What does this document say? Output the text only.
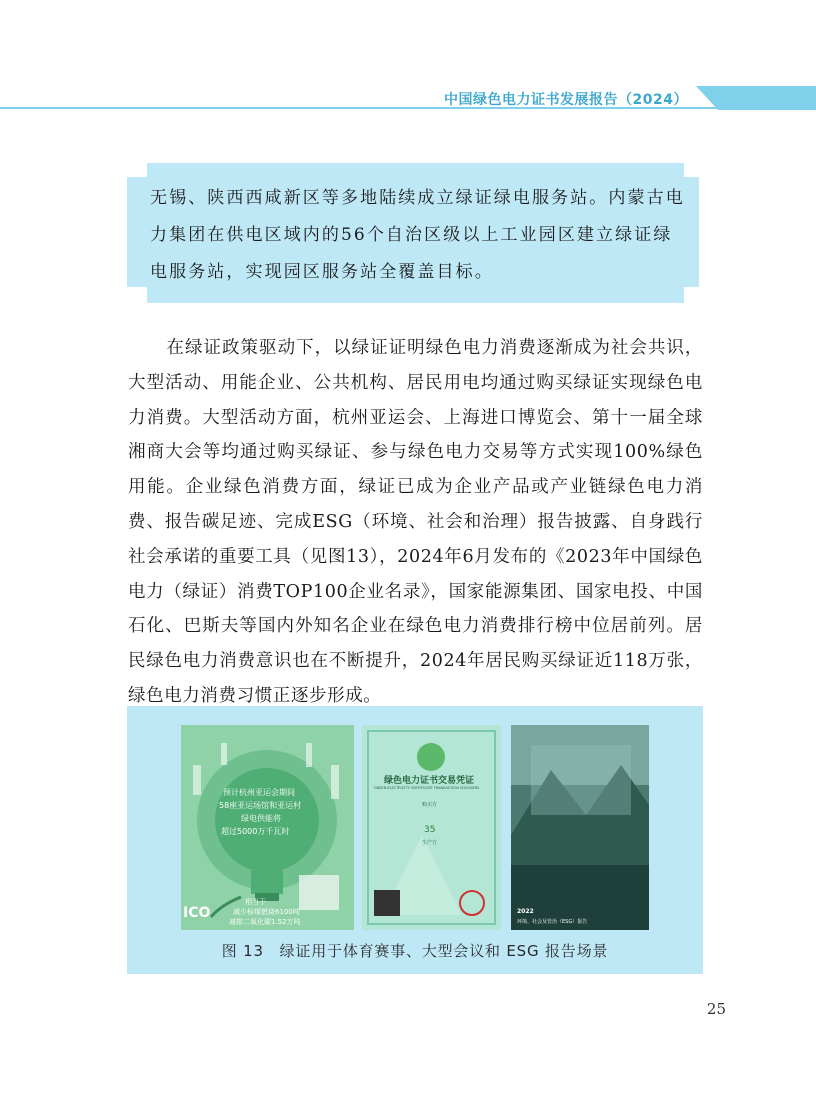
中国绿色电力证书发展报告（2024）
无锡、陕西西咸新区等多地陆续成立绿证绿电服务站。内蒙古电力集团在供电区域内的56个自治区级以上工业园区建立绿证绿电服务站，实现园区服务站全覆盖目标。
在绿证政策驱动下，以绿证证明绿色电力消费逐渐成为社会共识，大型活动、用能企业、公共机构、居民用电均通过购买绿证实现绿色电力消费。大型活动方面，杭州亚运会、上海进口博览会、第十一届全球湘商大会等均通过购买绿证、参与绿色电力交易等方式实现100%绿色用能。企业绿色消费方面，绿证已成为企业产品或产业链绿色电力消费、报告碳足迹、完成ESG（环境、社会和治理）报告披露、自身践行社会承诺的重要工具（见图13），2024年6月发布的《2023年中国绿色电力（绿证）消费TOP100企业名录》，国家能源集团、国家电投、中国石化、巴斯夫等国内外知名企业在绿色电力消费排行榜中位居前列。居民绿色电力消费意识也在不断提升，2024年居民购买绿证近118万张，绿色电力消费习惯正逐步形成。
预计杭州亚运会期间
58座亚运场馆和亚运村
绿电供能将
超过5000万千瓦时
相当于
减少标煤燃烧6100吨
减排二氧化碳1.52万吨
ICO
绿色电力证书交易凭证
GREEN ELECTRICITY CERTIFICATE TRANSACTION VOUCHERS
购买方
35
生产方
2022
环境、社会及管治（ESG）报告
图 13　绿证用于体育赛事、大型会议和 ESG 报告场景
25
